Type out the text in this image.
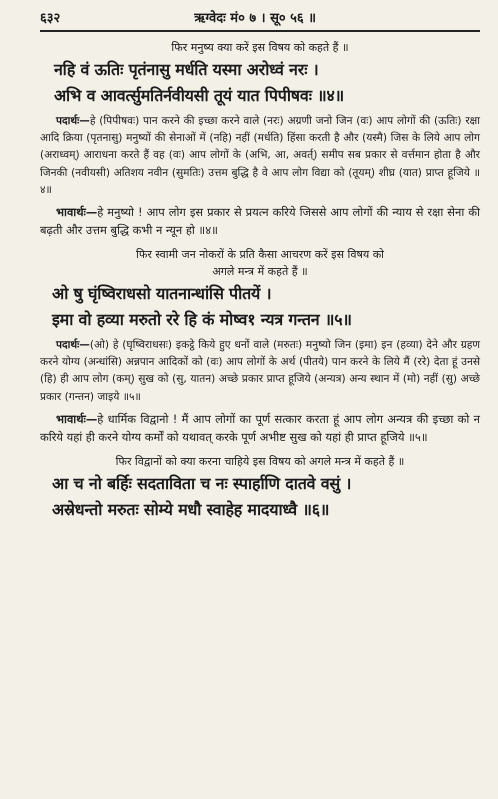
६३२	ऋग्वेदः मं० ७ । सू० ५६ ॥

फिर मनुष्य क्या करें इस विषय को कहते हैं ॥

नहि वं ऊतिः पृतंनासु मर्धति यस्मा अरोध्वं नरः ।

अभि व आवर्त्सुमतिर्नवीयसी तूयं यात पिपीषवः ॥४॥

पदार्थः—हे (पिपीषवः) पान करने की इच्छा करने वाले (नरः) अग्रणी जनो जिन (वः) आप लोगों की (ऊतिः) रक्षा आदि क्रिया (पृतनासु) मनुष्यों की सेनाओं में (नहि) नहीं (मर्धति) हिंसा करती है और (यस्मै) जिस के लिये आप लोग (अराध्वम्) आराधना करते हैं वह (वः) आप लोगों के (अभि, आ, अवर्त्) समीप सब प्रकार से वर्त्तमान होता है और जिनकी (नवीयसी) अतिशय नवीन (सुमतिः) उत्तम बुद्धि है वे आप लोग विद्या को (तूयम्) शीघ्र (यात) प्राप्त हूजिये ॥४॥

भावार्थः—हे मनुष्यो ! आप लोग इस प्रकार से प्रयत्न करिये जिससे आप लोगों की न्याय से रक्षा सेना की बढ़ती और उत्तम बुद्धि कभी न न्यून हो ॥४॥

फिर स्वामी जन नोकरों के प्रति कैसा आचरण करें इस विषय को

अगले मन्त्र में कहते हैं ॥

ओ षु घृंष्विराधसो यातनान्धांसि पीतयें ।

इमा वो हव्या मरुतो ररे हि कं मोष्व१ न्यत्र गन्तन ॥५॥

पदार्थः—(ओ) हे (घृष्विराधसः) इकट्ठे किये हुए धनों वाले (मरुतः) मनुष्यो जिन (इमा) इन (हव्या) देने और ग्रहण करने योग्य (अन्धांसि) अन्नपान आदिकों को (वः) आप लोगों के अर्थ (पीतये) पान करने के लिये मैं (ररे) देता हूं उनसे (हि) ही आप लोग (कम्) सुख को (सु, यातन) अच्छे प्रकार प्राप्त हूजिये (अन्यत्र) अन्य स्थान में (मो) नहीं (सु) अच्छे प्रकार (गन्तन) जाइये ॥५॥

भावार्थः—हे धार्मिक विद्वानो ! मैं आप लोगों का पूर्ण सत्कार करता हूं आप लोग अन्यत्र की इच्छा को न करिये यहां ही करने योग्य कर्मों को यथावत् करके पूर्ण अभीष्ट सुख को यहां ही प्राप्त हूजिये ॥५॥

फिर विद्वानों को क्या करना चाहिये इस विषय को अगले मन्त्र में कहते हैं ॥

आ च नो बर्हिः सदताविता च नः स्पार्हाणि दातवे वसुं ।

अस्रेधन्तो मरुतः सोम्ये मधौ स्वाहेह मादयाध्वै ॥६॥
